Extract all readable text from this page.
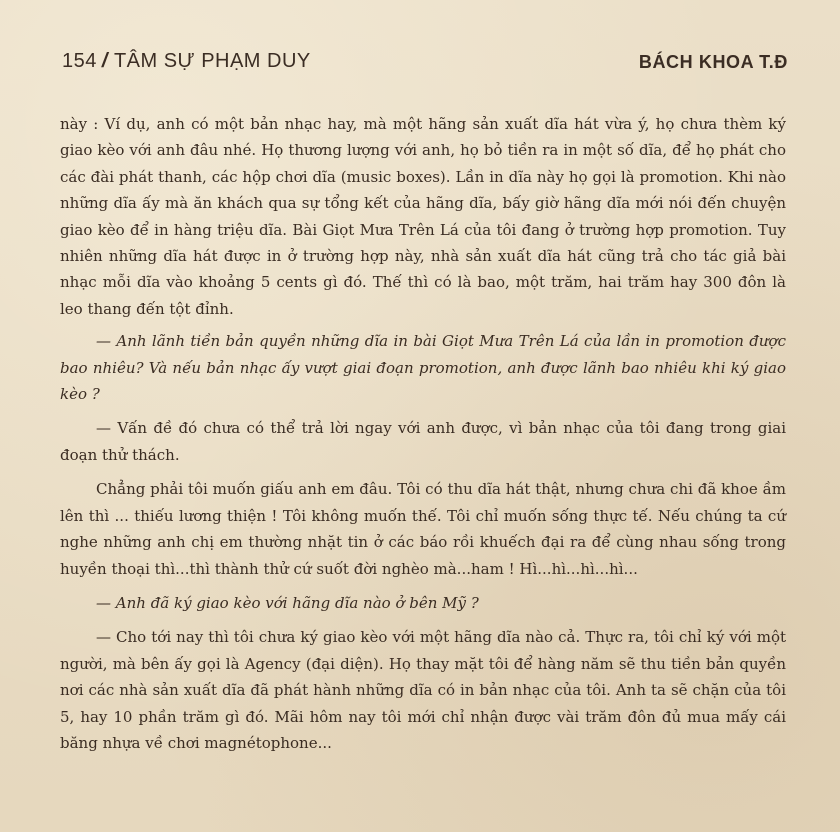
154 / TÂM SỰ PHẠM DUY	BÁCH KHOA T.Đ

này : Ví dụ, anh có một bản nhạc hay, mà một hãng sản xuất dĩa hát vừa ý, họ chưa thèm ký giao kèo với anh đâu nhé. Họ thương lượng với anh, họ bỏ tiền ra in một số dĩa, để họ phát cho các đài phát thanh, các hộp chơi dĩa (music boxes). Lần in dĩa này họ gọi là promotion. Khi nào những dĩa ấy mà ăn khách qua sự tổng kết của hãng dĩa, bấy giờ hãng dĩa mới nói đến chuyện giao kèo để in hàng triệu dĩa. Bài Giọt Mưa Trên Lá của tôi đang ở trường hợp promotion. Tuy nhiên những dĩa hát được in ở trường hợp này, nhà sản xuất dĩa hát cũng trả cho tác giả bài nhạc mỗi dĩa vào khoảng 5 cents gì đó. Thế thì có là bao, một trăm, hai trăm hay 300 đôn là leo thang đến tột đỉnh.

— Anh lãnh tiền bản quyền những dĩa in bài Giọt Mưa Trên Lá của lần in promotion được bao nhiêu? Và nếu bản nhạc ấy vượt giai đoạn promotion, anh được lãnh bao nhiêu khi ký giao kèo ?

— Vấn đề đó chưa có thể trả lời ngay với anh được, vì bản nhạc của tôi đang trong giai đoạn thử thách.

Chẳng phải tôi muốn giấu anh em đâu. Tôi có thu dĩa hát thật, nhưng chưa chi đã khoe ầm lên thì ... thiếu lương thiện ! Tôi không muốn thế. Tôi chỉ muốn sống thực tế. Nếu chúng ta cứ nghe những anh chị em thường nhặt tin ở các báo rồi khuếch đại ra để cùng nhau sống trong huyền thoại thì...thì thành thử cứ suốt đời nghèo mà...ham ! Hì...hì...hì...hì...

— Anh đã ký giao kèo với hãng dĩa nào ở bên Mỹ ?

— Cho tới nay thì tôi chưa ký giao kèo với một hãng dĩa nào cả. Thực ra, tôi chỉ ký với một người, mà bên ấy gọi là Agency (đại diện). Họ thay mặt tôi để hàng năm sẽ thu tiền bản quyền nơi các nhà sản xuất dĩa đã phát hành những dĩa có in bản nhạc của tôi. Anh ta sẽ chặn của tôi 5, hay 10 phần trăm gì đó. Mãi hôm nay tôi mới chỉ nhận được vài trăm đôn đủ mua mấy cái băng nhựa về chơi magnétophone...
